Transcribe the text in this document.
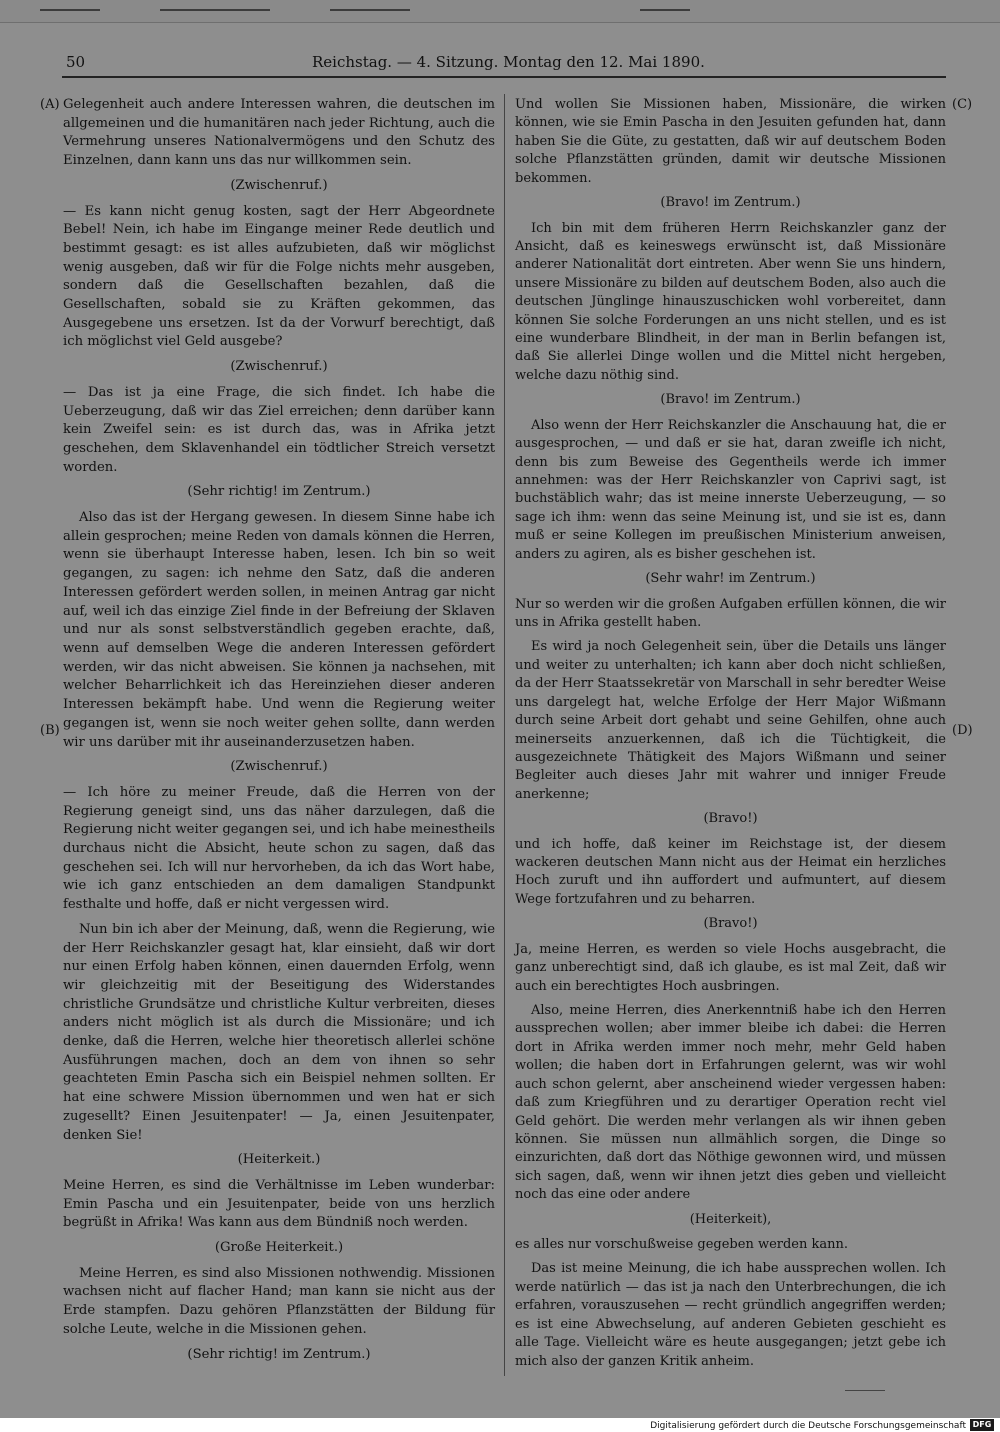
50	Reichstag. — 4. Sitzung. Montag den 12. Mai 1890.
(A)
(B)
(C)
(D)

Gelegenheit auch andere Interessen wahren, die deutschen im allgemeinen und die humanitären nach jeder Richtung, auch die Vermehrung unseres Nationalvermögens und den Schutz des Einzelnen, dann kann uns das nur willkommen sein.

(Zwischenruf.)

— Es kann nicht genug kosten, sagt der Herr Abgeordnete Bebel! Nein, ich habe im Eingange meiner Rede deutlich und bestimmt gesagt: es ist alles aufzubieten, daß wir möglichst wenig ausgeben, daß wir für die Folge nichts mehr ausgeben, sondern daß die Gesellschaften bezahlen, daß die Gesellschaften, sobald sie zu Kräften gekommen, das Ausgegebene uns ersetzen. Ist da der Vorwurf berechtigt, daß ich möglichst viel Geld ausgebe?

(Zwischenruf.)

— Das ist ja eine Frage, die sich findet. Ich habe die Ueberzeugung, daß wir das Ziel erreichen; denn darüber kann kein Zweifel sein: es ist durch das, was in Afrika jetzt geschehen, dem Sklavenhandel ein tödtlicher Streich versetzt worden.

(Sehr richtig! im Zentrum.)

Also das ist der Hergang gewesen. In diesem Sinne habe ich allein gesprochen; meine Reden von damals können die Herren, wenn sie überhaupt Interesse haben, lesen. Ich bin so weit gegangen, zu sagen: ich nehme den Satz, daß die anderen Interessen gefördert werden sollen, in meinen Antrag gar nicht auf, weil ich das einzige Ziel finde in der Befreiung der Sklaven und nur als sonst selbstverständlich gegeben erachte, daß, wenn auf demselben Wege die anderen Interessen gefördert werden, wir das nicht abweisen. Sie können ja nachsehen, mit welcher Beharrlichkeit ich das Hereinziehen dieser anderen Interessen bekämpft habe. Und wenn die Regierung weiter gegangen ist, wenn sie noch weiter gehen sollte, dann werden wir uns darüber mit ihr auseinanderzusetzen haben.

(Zwischenruf.)

— Ich höre zu meiner Freude, daß die Herren von der Regierung geneigt sind, uns das näher darzulegen, daß die Regierung nicht weiter gegangen sei, und ich habe meinestheils durchaus nicht die Absicht, heute schon zu sagen, daß das geschehen sei. Ich will nur hervorheben, da ich das Wort habe, wie ich ganz entschieden an dem damaligen Standpunkt festhalte und hoffe, daß er nicht vergessen wird.

Nun bin ich aber der Meinung, daß, wenn die Regierung, wie der Herr Reichskanzler gesagt hat, klar einsieht, daß wir dort nur einen Erfolg haben können, einen dauernden Erfolg, wenn wir gleichzeitig mit der Beseitigung des Widerstandes christliche Grundsätze und christliche Kultur verbreiten, dieses anders nicht möglich ist als durch die Missionäre; und ich denke, daß die Herren, welche hier theoretisch allerlei schöne Ausführungen machen, doch an dem von ihnen so sehr geachteten Emin Pascha sich ein Beispiel nehmen sollten. Er hat eine schwere Mission übernommen und wen hat er sich zugesellt? Einen Jesuitenpater! — Ja, einen Jesuitenpater, denken Sie!

(Heiterkeit.)

Meine Herren, es sind die Verhältnisse im Leben wunderbar: Emin Pascha und ein Jesuitenpater, beide von uns herzlich begrüßt in Afrika! Was kann aus dem Bündniß noch werden.

(Große Heiterkeit.)

Meine Herren, es sind also Missionen nothwendig. Missionen wachsen nicht auf flacher Hand; man kann sie nicht aus der Erde stampfen. Dazu gehören Pflanzstätten der Bildung für solche Leute, welche in die Missionen gehen.

(Sehr richtig! im Zentrum.)

Und wollen Sie Missionen haben, Missionäre, die wirken können, wie sie Emin Pascha in den Jesuiten gefunden hat, dann haben Sie die Güte, zu gestatten, daß wir auf deutschem Boden solche Pflanzstätten gründen, damit wir deutsche Missionen bekommen.

(Bravo! im Zentrum.)

Ich bin mit dem früheren Herrn Reichskanzler ganz der Ansicht, daß es keineswegs erwünscht ist, daß Missionäre anderer Nationalität dort eintreten. Aber wenn Sie uns hindern, unsere Missionäre zu bilden auf deutschem Boden, also auch die deutschen Jünglinge hinauszuschicken wohl vorbereitet, dann können Sie solche Forderungen an uns nicht stellen, und es ist eine wunderbare Blindheit, in der man in Berlin befangen ist, daß Sie allerlei Dinge wollen und die Mittel nicht hergeben, welche dazu nöthig sind.

(Bravo! im Zentrum.)

Also wenn der Herr Reichskanzler die Anschauung hat, die er ausgesprochen, — und daß er sie hat, daran zweifle ich nicht, denn bis zum Beweise des Gegentheils werde ich immer annehmen: was der Herr Reichskanzler von Caprivi sagt, ist buchstäblich wahr; das ist meine innerste Ueberzeugung, — so sage ich ihm: wenn das seine Meinung ist, und sie ist es, dann muß er seine Kollegen im preußischen Ministerium anweisen, anders zu agiren, als es bisher geschehen ist.

(Sehr wahr! im Zentrum.)

Nur so werden wir die großen Aufgaben erfüllen können, die wir uns in Afrika gestellt haben.

Es wird ja noch Gelegenheit sein, über die Details uns länger und weiter zu unterhalten; ich kann aber doch nicht schließen, da der Herr Staatssekretär von Marschall in sehr beredter Weise uns dargelegt hat, welche Erfolge der Herr Major Wißmann durch seine Arbeit dort gehabt und seine Gehilfen, ohne auch meinerseits anzuerkennen, daß ich die Tüchtigkeit, die ausgezeichnete Thätigkeit des Majors Wißmann und seiner Begleiter auch dieses Jahr mit wahrer und inniger Freude anerkenne;

(Bravo!)

und ich hoffe, daß keiner im Reichstage ist, der diesem wackeren deutschen Mann nicht aus der Heimat ein herzliches Hoch zuruft und ihn auffordert und aufmuntert, auf diesem Wege fortzufahren und zu beharren.

(Bravo!)

Ja, meine Herren, es werden so viele Hochs ausgebracht, die ganz unberechtigt sind, daß ich glaube, es ist mal Zeit, daß wir auch ein berechtigtes Hoch ausbringen.

Also, meine Herren, dies Anerkenntniß habe ich den Herren aussprechen wollen; aber immer bleibe ich dabei: die Herren dort in Afrika werden immer noch mehr, mehr Geld haben wollen; die haben dort in Erfahrungen gelernt, was wir wohl auch schon gelernt, aber anscheinend wieder vergessen haben: daß zum Kriegführen und zu derartiger Operation recht viel Geld gehört. Die werden mehr verlangen als wir ihnen geben können. Sie müssen nun allmählich sorgen, die Dinge so einzurichten, daß dort das Nöthige gewonnen wird, und müssen sich sagen, daß, wenn wir ihnen jetzt dies geben und vielleicht noch das eine oder andere

(Heiterkeit),

es alles nur vorschußweise gegeben werden kann.

Das ist meine Meinung, die ich habe aussprechen wollen. Ich werde natürlich — das ist ja nach den Unterbrechungen, die ich erfahren, vorauszusehen — recht gründlich angegriffen werden; es ist eine Abwechselung, auf anderen Gebieten geschieht es alle Tage. Vielleicht wäre es heute ausgegangen; jetzt gebe ich mich also der ganzen Kritik anheim.

Digitalisierung gefördert durch die Deutsche Forschungsgemeinschaft DFG
